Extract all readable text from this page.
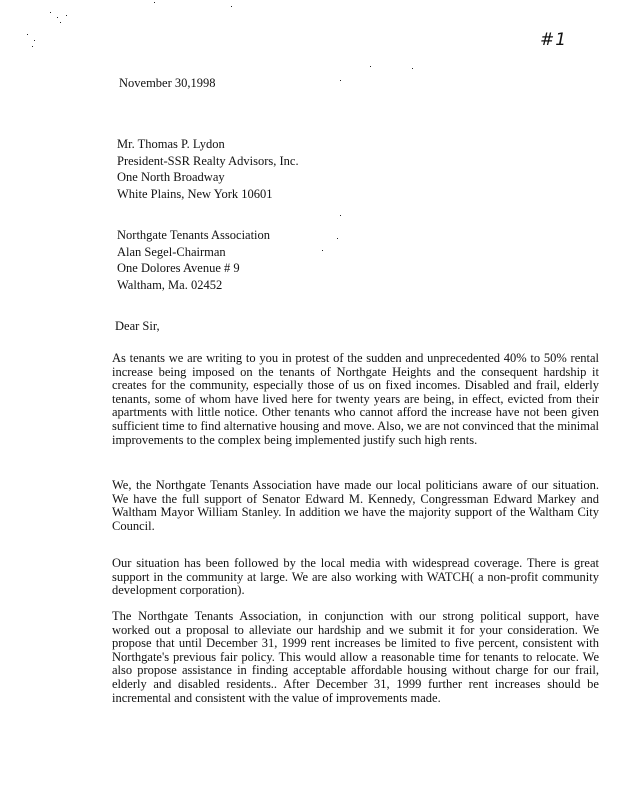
#1
November 30,1998
Mr. Thomas P. Lydon
President-SSR Realty Advisors, Inc.
One North Broadway
White Plains, New York 10601
Northgate Tenants Association
Alan Segel-Chairman
One Dolores Avenue # 9
Waltham, Ma. 02452
Dear Sir,

As tenants we are writing to you in protest of the sudden and unprecedented 40% to 50% rental increase being imposed on the tenants of Northgate Heights and the consequent hardship it creates for the community, especially those of us on fixed incomes. Disabled and frail, elderly tenants, some of whom have lived here for twenty years are being, in effect, evicted from their apartments with little notice. Other tenants who cannot afford the increase have not been given sufficient time to find alternative housing and move. Also, we are not convinced that the minimal improvements to the complex being implemented justify such high rents.

We, the Northgate Tenants Association have made our local politicians aware of our situation. We have the full support of Senator Edward M. Kennedy, Congressman Edward Markey and Waltham Mayor William Stanley. In addition we have the majority support of the Waltham City Council.

Our situation has been followed by the local media with widespread coverage. There is great support in the community at large. We are also working with WATCH( a non-profit community development corporation).

The Northgate Tenants Association, in conjunction with our strong political support, have worked out a proposal to alleviate our hardship and we submit it for your consideration. We propose that until December 31, 1999 rent increases be limited to five percent, consistent with Northgate's previous fair policy. This would allow a reasonable time for tenants to relocate. We also propose assistance in finding acceptable affordable housing without charge for our frail, elderly and disabled residents.. After December 31, 1999 further rent increases should be incremental and consistent with the value of improvements made.
